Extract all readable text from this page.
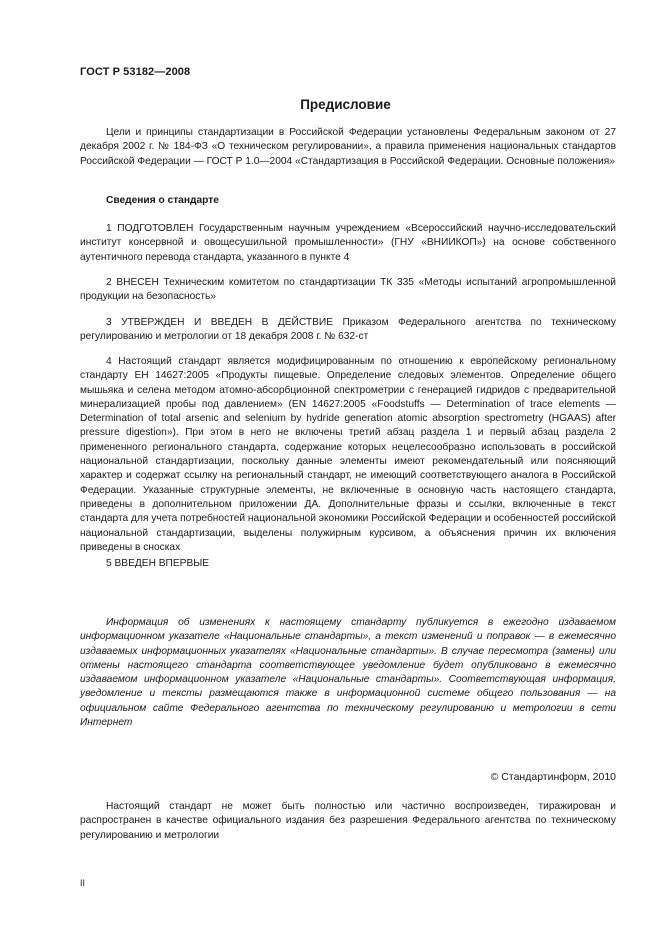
ГОСТ Р 53182—2008
Предисловие
Цели и принципы стандартизации в Российской Федерации установлены Федеральным законом от 27 декабря 2002 г. № 184-ФЗ «О техническом регулировании», а правила применения национальных стандартов Российской Федерации — ГОСТ Р 1.0—2004 «Стандартизация в Российской Федерации. Основные положения»
Сведения о стандарте
1 ПОДГОТОВЛЕН Государственным научным учреждением «Всероссийский научно-исследовательский институт консервной и овощесушильной промышленности» (ГНУ «ВНИИКОП») на основе собственного аутентичного перевода стандарта, указанного в пункте 4
2 ВНЕСЕН Техническим комитетом по стандартизации ТК 335 «Методы испытаний агропромышленной продукции на безопасность»
3 УТВЕРЖДЕН И ВВЕДЕН В ДЕЙСТВИЕ Приказом Федерального агентства по техническому регулированию и метрологии от 18 декабря 2008 г. № 632-ст
4 Настоящий стандарт является модифицированным по отношению к европейскому региональному стандарту ЕН 14627:2005 «Продукты пищевые. Определение следовых элементов. Определение общего мышьяка и селена методом атомно-абсорбционной спектрометрии с генерацией гидридов с предварительной минерализацией пробы под давлением» (EN 14627:2005 «Foodstuffs — Determination of trace elements — Determination of total arsenic and selenium by hydride generation atomic absorption spectrometry (HGAAS) after pressure digestion»). При этом в него не включены третий абзац раздела 1 и первый абзац раздела 2 примененного регионального стандарта, содержание которых нецелесообразно использовать в российской национальной стандартизации, поскольку данные элементы имеют рекомендательный или поясняющий характер и содержат ссылку на региональный стандарт, не имеющий соответствующего аналога в Российской Федерации. Указанные структурные элементы, не включенные в основную часть настоящего стандарта, приведены в дополнительном приложении ДА. Дополнительные фразы и ссылки, включенные в текст стандарта для учета потребностей национальной экономики Российской Федерации и особенностей российской национальной стандартизации, выделены полужирным курсивом, а объяснения причин их включения приведены в сносках
5 ВВЕДЕН ВПЕРВЫЕ
Информация об изменениях к настоящему стандарту публикуется в ежегодно издаваемом информационном указателе «Национальные стандарты», а текст изменений и поправок — в ежемесячно издаваемых информационных указателях «Национальные стандарты». В случае пересмотра (замены) или отмены настоящего стандарта соответствующее уведомление будет опубликовано в ежемесячно издаваемом информационном указателе «Национальные стандарты». Соответствующая информация, уведомление и тексты размещаются также в информационной системе общего пользования — на официальном сайте Федерального агентства по техническому регулированию и метрологии в сети Интернет
© Стандартинформ, 2010
Настоящий стандарт не может быть полностью или частично воспроизведен, тиражирован и распространен в качестве официального издания без разрешения Федерального агентства по техническому регулированию и метрологии
II
